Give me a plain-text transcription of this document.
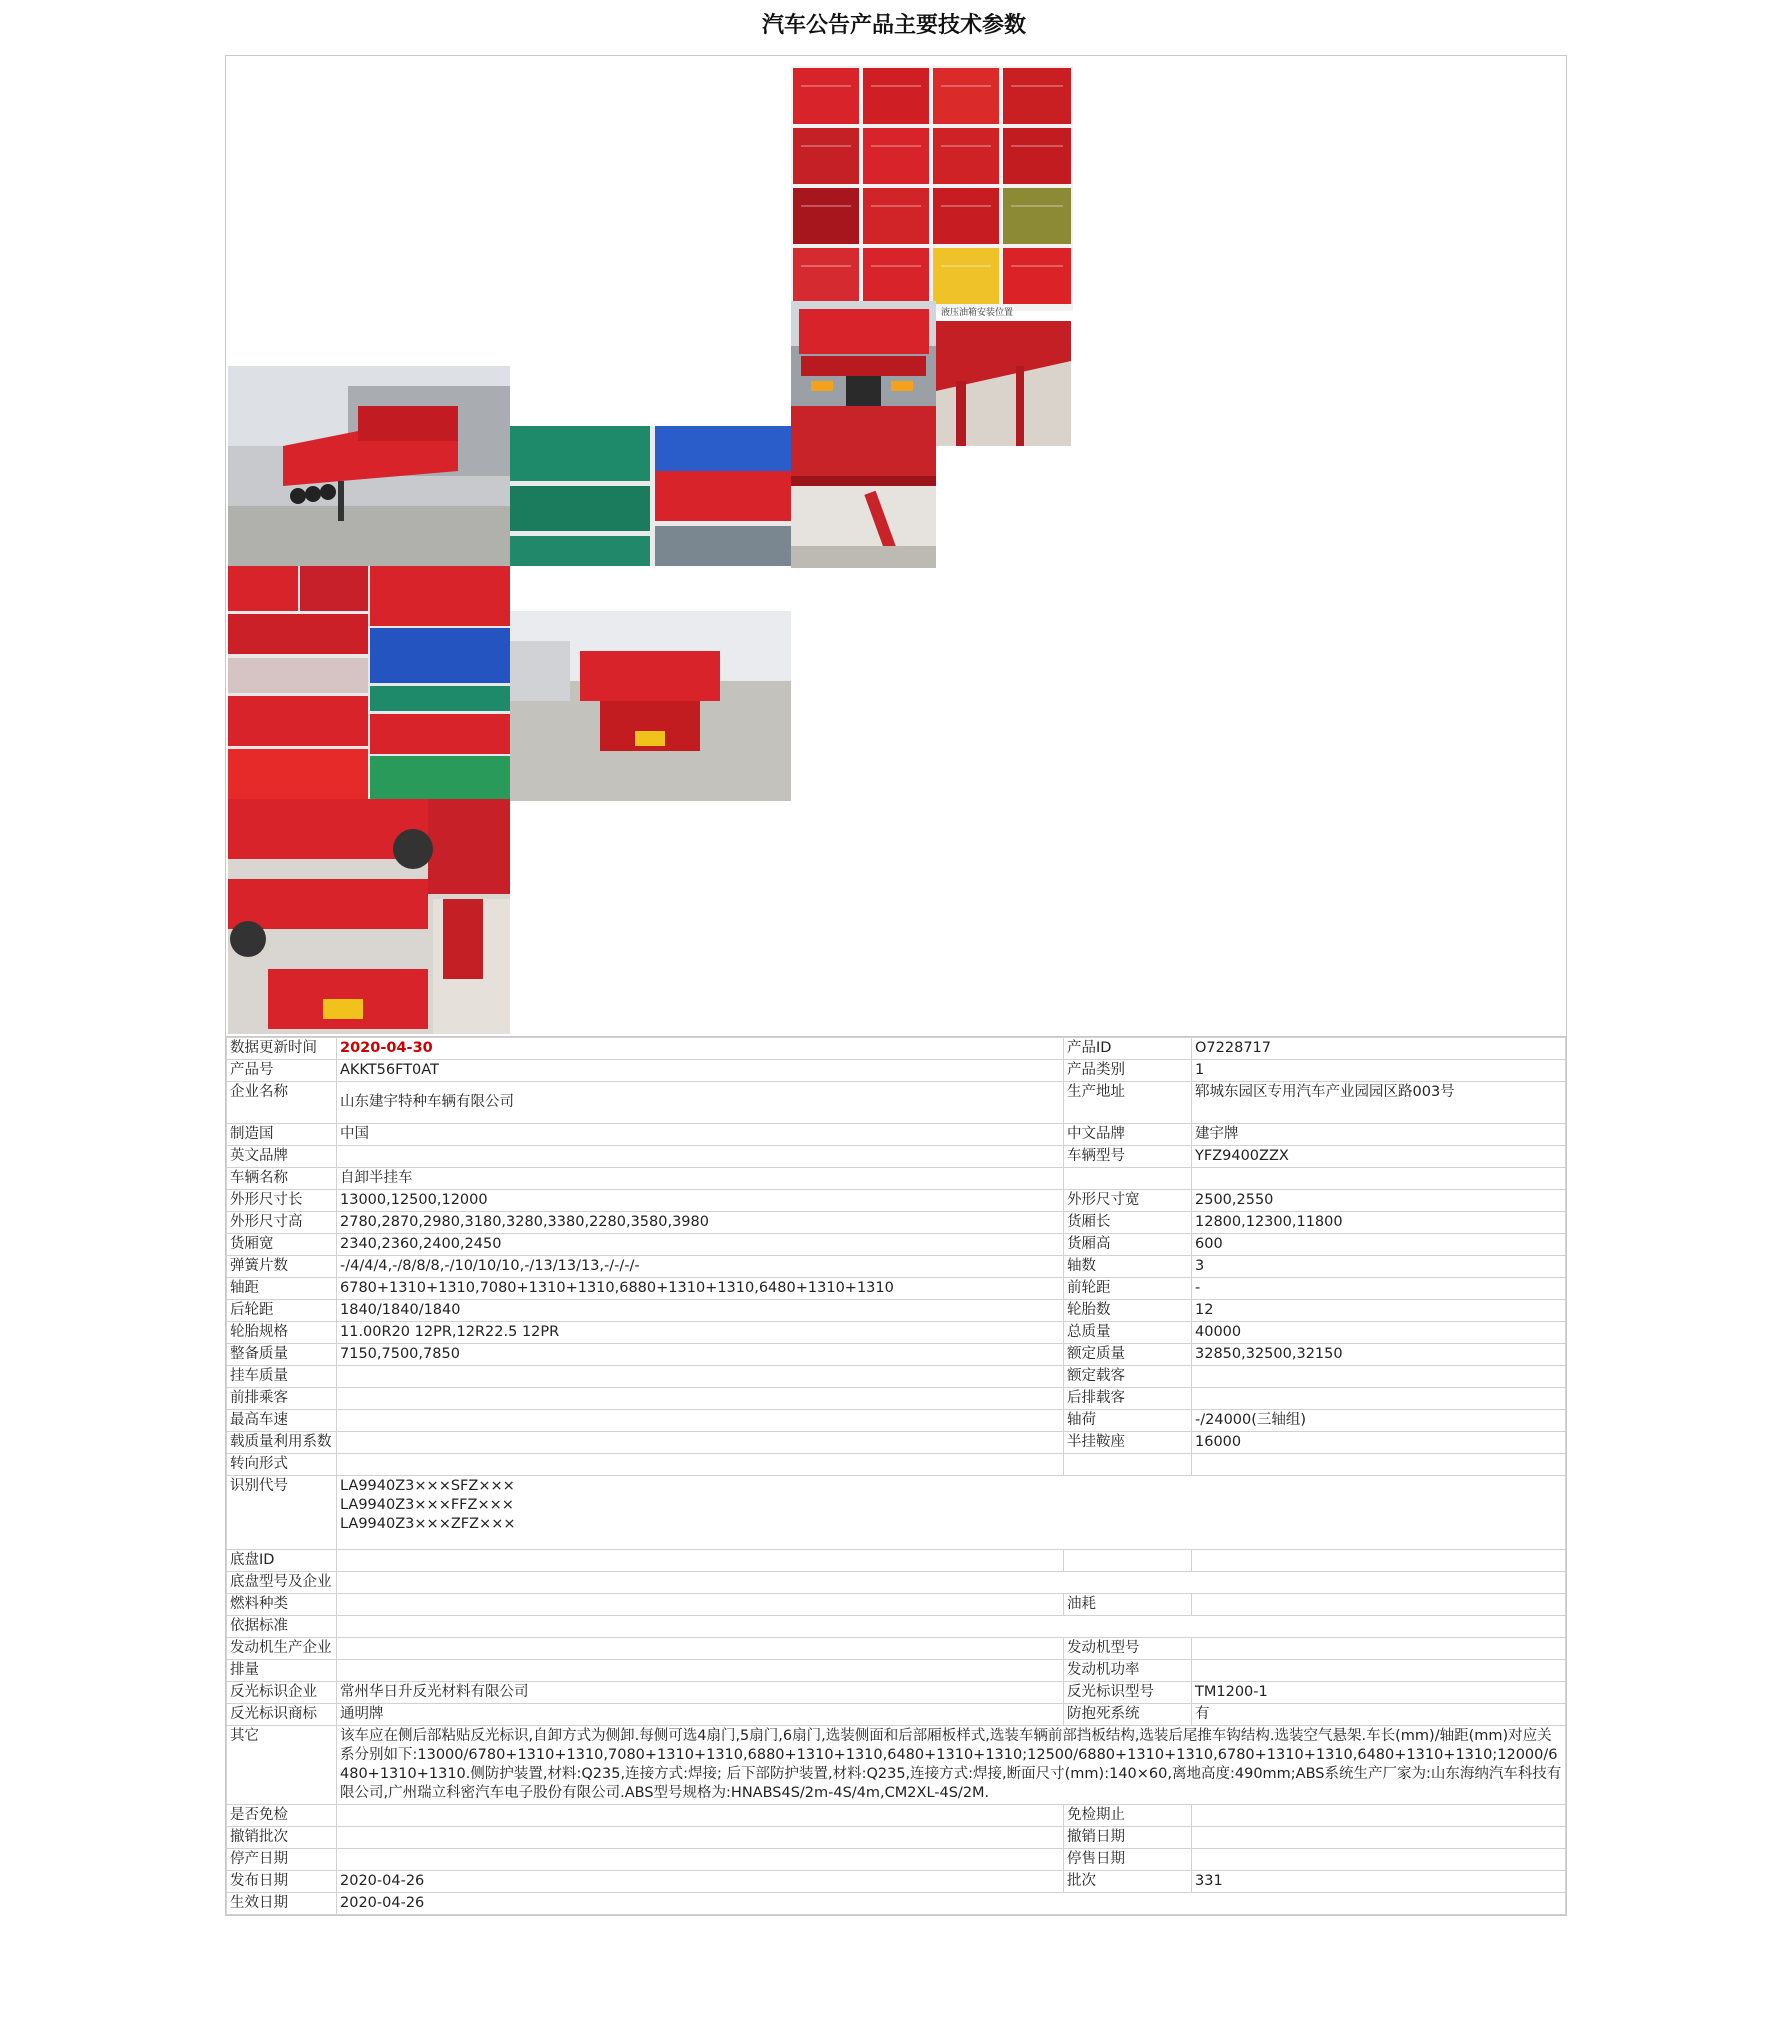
汽车公告产品主要技术参数
液压油箱安装位置
数据更新时间	2020-04-30	产品ID	O7228717
产品号	AKKT56FT0AT	产品类别	1
企业名称	山东建宇特种车辆有限公司	生产地址	郓城东园区专用汽车产业园园区路003号
制造国	中国	中文品牌	建宇牌
英文品牌		车辆型号	YFZ9400ZZX
车辆名称	自卸半挂车		
外形尺寸长	13000,12500,12000	外形尺寸宽	2500,2550
外形尺寸高	2780,2870,2980,3180,3280,3380,2280,3580,3980	货厢长	12800,12300,11800
货厢宽	2340,2360,2400,2450	货厢高	600
弹簧片数	-/4/4/4,-/8/8/8,-/10/10/10,-/13/13/13,-/-/-/-	轴数	3
轴距	6780+1310+1310,7080+1310+1310,6880+1310+1310,6480+1310+1310	前轮距	-
后轮距	1840/1840/1840	轮胎数	12
轮胎规格	11.00R20 12PR,12R22.5 12PR	总质量	40000
整备质量	7150,7500,7850	额定质量	32850,32500,32150
挂车质量		额定载客	
前排乘客		后排载客	
最高车速		轴荷	-/24000(三轴组)
载质量利用系数		半挂鞍座	16000
转向形式			
识别代号	LA9940Z3×××SFZ×××
LA9940Z3×××FFZ×××
LA9940Z3×××ZFZ×××		

底盘ID			
底盘型号及企业			
燃料种类		油耗	
依据标准			
发动机生产企业		发动机型号	
排量		发动机功率	
反光标识企业	常州华日升反光材料有限公司	反光标识型号	TM1200-1
反光标识商标	通明牌	防抱死系统	有
其它	该车应在侧后部粘贴反光标识,自卸方式为侧卸.每侧可选4扇门,5扇门,6扇门,选装侧面和后部厢板样式,选装车辆前部挡板结构,选装后尾推车钩结构.选装空气悬架.车长(mm)/轴距(mm)对应关系分别如下:13000/6780+1310+1310,7080+1310+1310,6880+1310+1310,6480+1310+1310;12500/6880+1310+1310,6780+1310+1310,6480+1310+1310;12000/6480+1310+1310.侧防护装置,材料:Q235,连接方式:焊接; 后下部防护装置,材料:Q235,连接方式:焊接,断面尺寸(mm):140×60,离地高度:490mm;ABS系统生产厂家为:山东海纳汽车科技有限公司,广州瑞立科密汽车电子股份有限公司.ABS型号规格为:HNABS4S/2m-4S/4m,CM2XL-4S/2M.		
是否免检		免检期止	
撤销批次		撤销日期	
停产日期		停售日期	
发布日期	2020-04-26	批次	331
生效日期	2020-04-26		
